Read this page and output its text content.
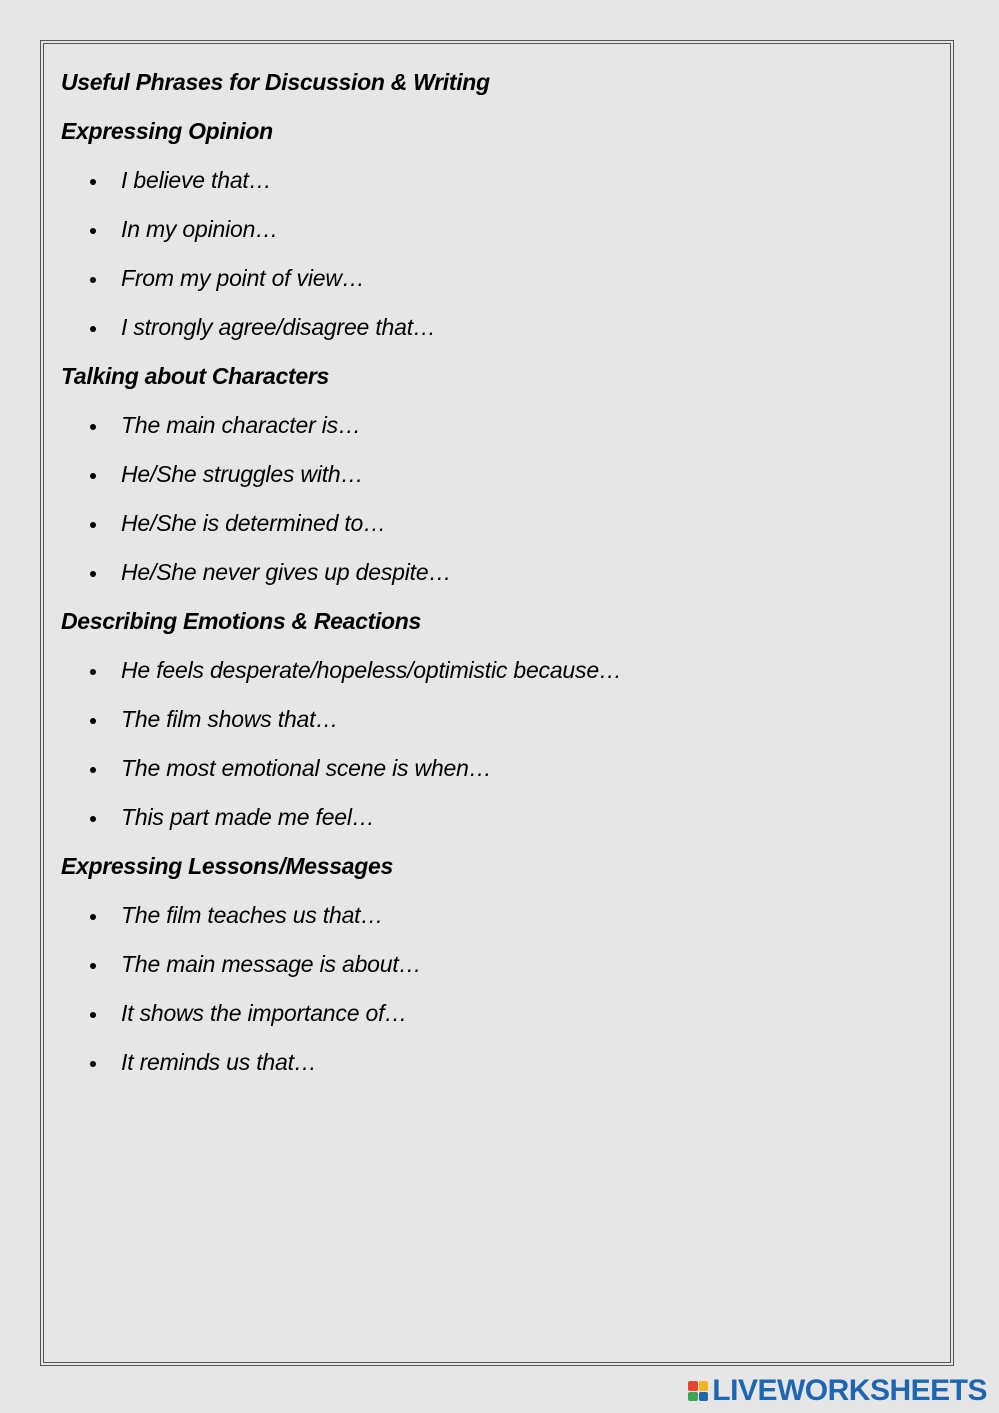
Useful Phrases for Discussion & Writing
Expressing Opinion
I believe that…
In my opinion…
From my point of view…
I strongly agree/disagree that…
Talking about Characters
The main character is…
He/She struggles with…
He/She is determined to…
He/She never gives up despite…
Describing Emotions & Reactions
He feels desperate/hopeless/optimistic because…
The film shows that…
The most emotional scene is when…
This part made me feel…
Expressing Lessons/Messages
The film teaches us that…
The main message is about…
It shows the importance of…
It reminds us that…
LIVEWORKSHEETS
